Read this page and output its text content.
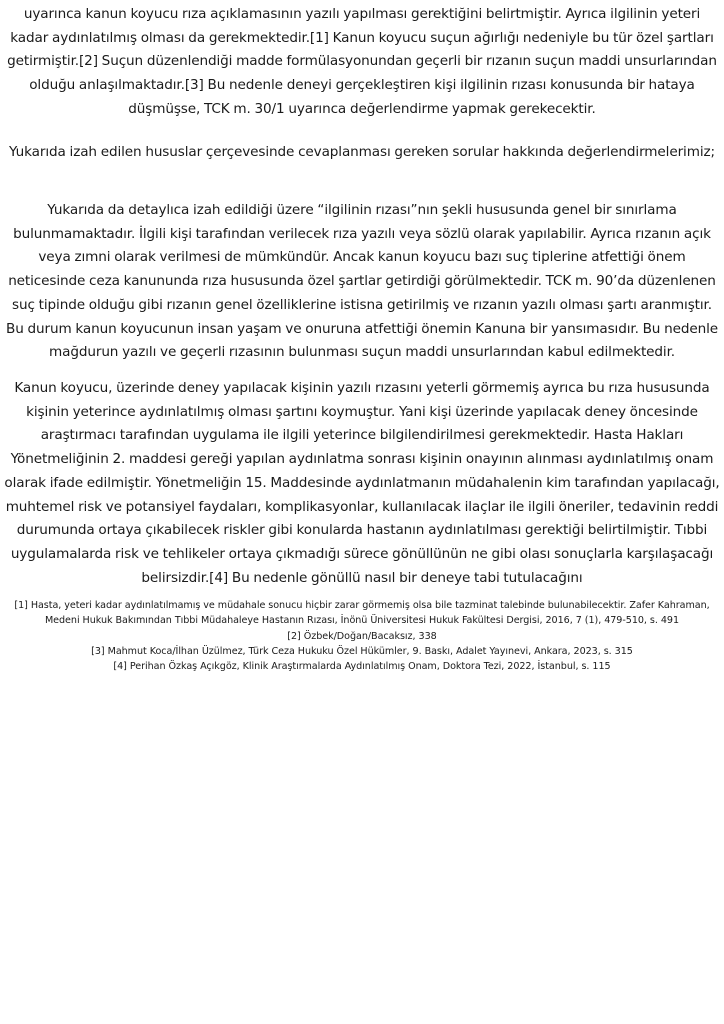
uyarınca kanun koyucu rıza açıklamasının yazılı yapılması gerektiğini belirtmiştir. Ayrıca ilgilinin yeteri kadar aydınlatılmış olması da gerekmektedir.[1] Kanun koyucu suçun ağırlığı nedeniyle bu tür özel şartları getirmiştir.[2] Suçun düzenlendiği madde formülasyonundan geçerli bir rızanın suçun maddi unsurlarından olduğu anlaşılmaktadır.[3] Bu nedenle deneyi gerçekleştiren kişi ilgilinin rızası konusunda bir hataya düşmüşse, TCK m. 30/1 uyarınca değerlendirme yapmak gerekecektir.

Yukarıda izah edilen hususlar çerçevesinde cevaplanması gereken sorular hakkında değerlendirmelerimiz;

Yukarıda da detaylıca izah edildiği üzere “ilgilinin rızası”nın şekli hususunda genel bir sınırlama bulunmamaktadır. İlgili kişi tarafından verilecek rıza yazılı veya sözlü olarak yapılabilir. Ayrıca rızanın açık veya zımni olarak verilmesi de mümkündür. Ancak kanun koyucu bazı suç tiplerine atfettiği önem neticesinde ceza kanununda rıza hususunda özel şartlar getirdiği görülmektedir. TCK m. 90’da düzenlenen suç tipinde olduğu gibi rızanın genel özelliklerine istisna getirilmiş ve rızanın yazılı olması şartı aranmıştır. Bu durum kanun koyucunun insan yaşam ve onuruna atfettiği önemin Kanuna bir yansımasıdır. Bu nedenle mağdurun yazılı ve geçerli rızasının bulunması suçun maddi unsurlarından kabul edilmektedir.

Kanun koyucu, üzerinde deney yapılacak kişinin yazılı rızasını yeterli görmemiş ayrıca bu rıza hususunda kişinin yeterince aydınlatılmış olması şartını koymuştur. Yani kişi üzerinde yapılacak deney öncesinde araştırmacı tarafından uygulama ile ilgili yeterince bilgilendirilmesi gerekmektedir. Hasta Hakları Yönetmeliğinin 2. maddesi gereği yapılan aydınlatma sonrası kişinin onayının alınması aydınlatılmış onam olarak ifade edilmiştir. Yönetmeliğin 15. Maddesinde aydınlatmanın müdahalenin kim tarafından yapılacağı, muhtemel risk ve potansiyel faydaları, komplikasyonlar, kullanılacak ilaçlar ile ilgili öneriler, tedavinin reddi durumunda ortaya çıkabilecek riskler gibi konularda hastanın aydınlatılması gerektiği belirtilmiştir. Tıbbi uygulamalarda risk ve tehlikeler ortaya çıkmadığı sürece gönüllünün ne gibi olası sonuçlarla karşılaşacağı belirsizdir.[4] Bu nedenle gönüllü nasıl bir deneye tabi tutulacağını

[1] Hasta, yeteri kadar aydınlatılmamış ve müdahale sonucu hiçbir zarar görmemiş olsa bile tazminat talebinde bulunabilecektir. Zafer Kahraman, Medeni Hukuk Bakımından Tıbbi Müdahaleye Hastanın Rızası, İnönü Üniversitesi Hukuk Fakültesi Dergisi, 2016, 7 (1), 479-510, s. 491
[2] Özbek/Doğan/Bacaksız, 338
[3] Mahmut Koca/İlhan Üzülmez, Türk Ceza Hukuku Özel Hükümler, 9. Baskı, Adalet Yayınevi, Ankara, 2023, s. 315
[4] Perihan Özkaş Açıkgöz, Klinik Araştırmalarda Aydınlatılmış Onam, Doktora Tezi, 2022, İstanbul, s. 115
